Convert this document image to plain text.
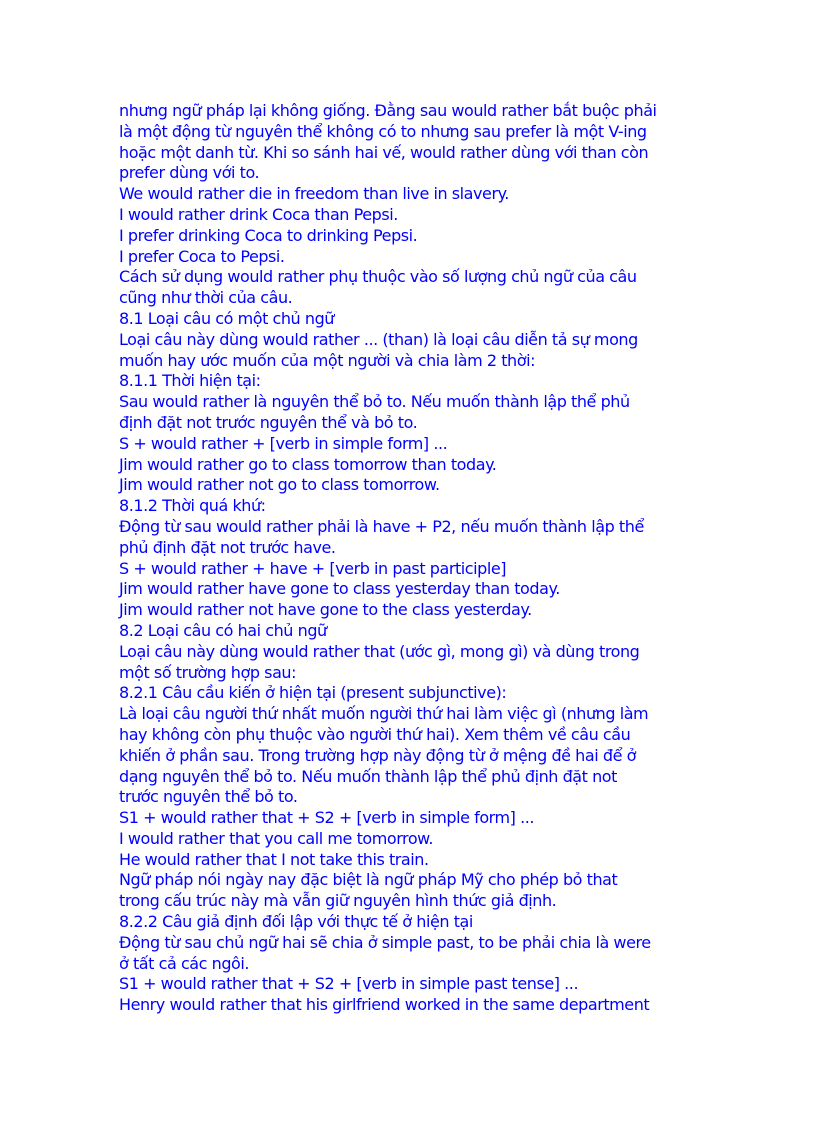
nhưng ngữ pháp lại không giống. Đằng sau would rather bắt buộc phải

là một động từ nguyên thể không có to nhưng sau prefer là một V-ing

hoặc một danh từ. Khi so sánh hai vế, would rather dùng với than còn

prefer dùng với to.

We would rather die in freedom than live in slavery.

I would rather drink Coca than Pepsi.

I prefer drinking Coca to drinking Pepsi.

I prefer Coca to Pepsi.

Cách sử dụng would rather phụ thuộc vào số lượng chủ ngữ của câu

cũng như thời của câu.

8.1 Loại câu có một chủ ngữ

Loại câu này dùng would rather ... (than) là loại câu diễn tả sự mong

muốn hay ước muốn của một người và chia làm 2 thời:

8.1.1 Thời hiện tại:

Sau would rather là nguyên thể bỏ to. Nếu muốn thành lập thể phủ

định đặt not trước nguyên thể và bỏ to.

S + would rather + [verb in simple form] ...

Jim would rather go to class tomorrow than today.

Jim would rather not go to class tomorrow.

8.1.2 Thời quá khứ:

Động từ sau would rather phải là have + P2, nếu muốn thành lập thể

phủ định đặt not trước have.

S + would rather + have + [verb in past participle]

Jim would rather have gone to class yesterday than today.

Jim would rather not have gone to the class yesterday.

8.2 Loại câu có hai chủ ngữ

Loại câu này dùng would rather that (ước gì, mong gì) và dùng trong

một số trường hợp sau:

8.2.1 Câu cầu kiến ở hiện tại (present subjunctive):

Là loại câu người thứ nhất muốn người thứ hai làm việc gì (nhưng làm

hay không còn phụ thuộc vào người thứ hai). Xem thêm về câu cầu

khiến ở phần sau. Trong trường hợp này động từ ở mệng đề hai để ở

dạng nguyên thể bỏ to. Nếu muốn thành lập thể phủ định đặt not

trước nguyên thể bỏ to.

S1 + would rather that + S2 + [verb in simple form] ...

I would rather that you call me tomorrow.

He would rather that I not take this train.

Ngữ pháp nói ngày nay đặc biệt là ngữ pháp Mỹ cho phép bỏ that

trong cấu trúc này mà vẫn giữ nguyên hình thức giả định.

8.2.2 Câu giả định đối lập với thực tế ở hiện tại

Động từ sau chủ ngữ hai sẽ chia ở simple past, to be phải chia là were

ở tất cả các ngôi.

S1 + would rather that + S2 + [verb in simple past tense] ...

Henry would rather that his girlfriend worked in the same department
